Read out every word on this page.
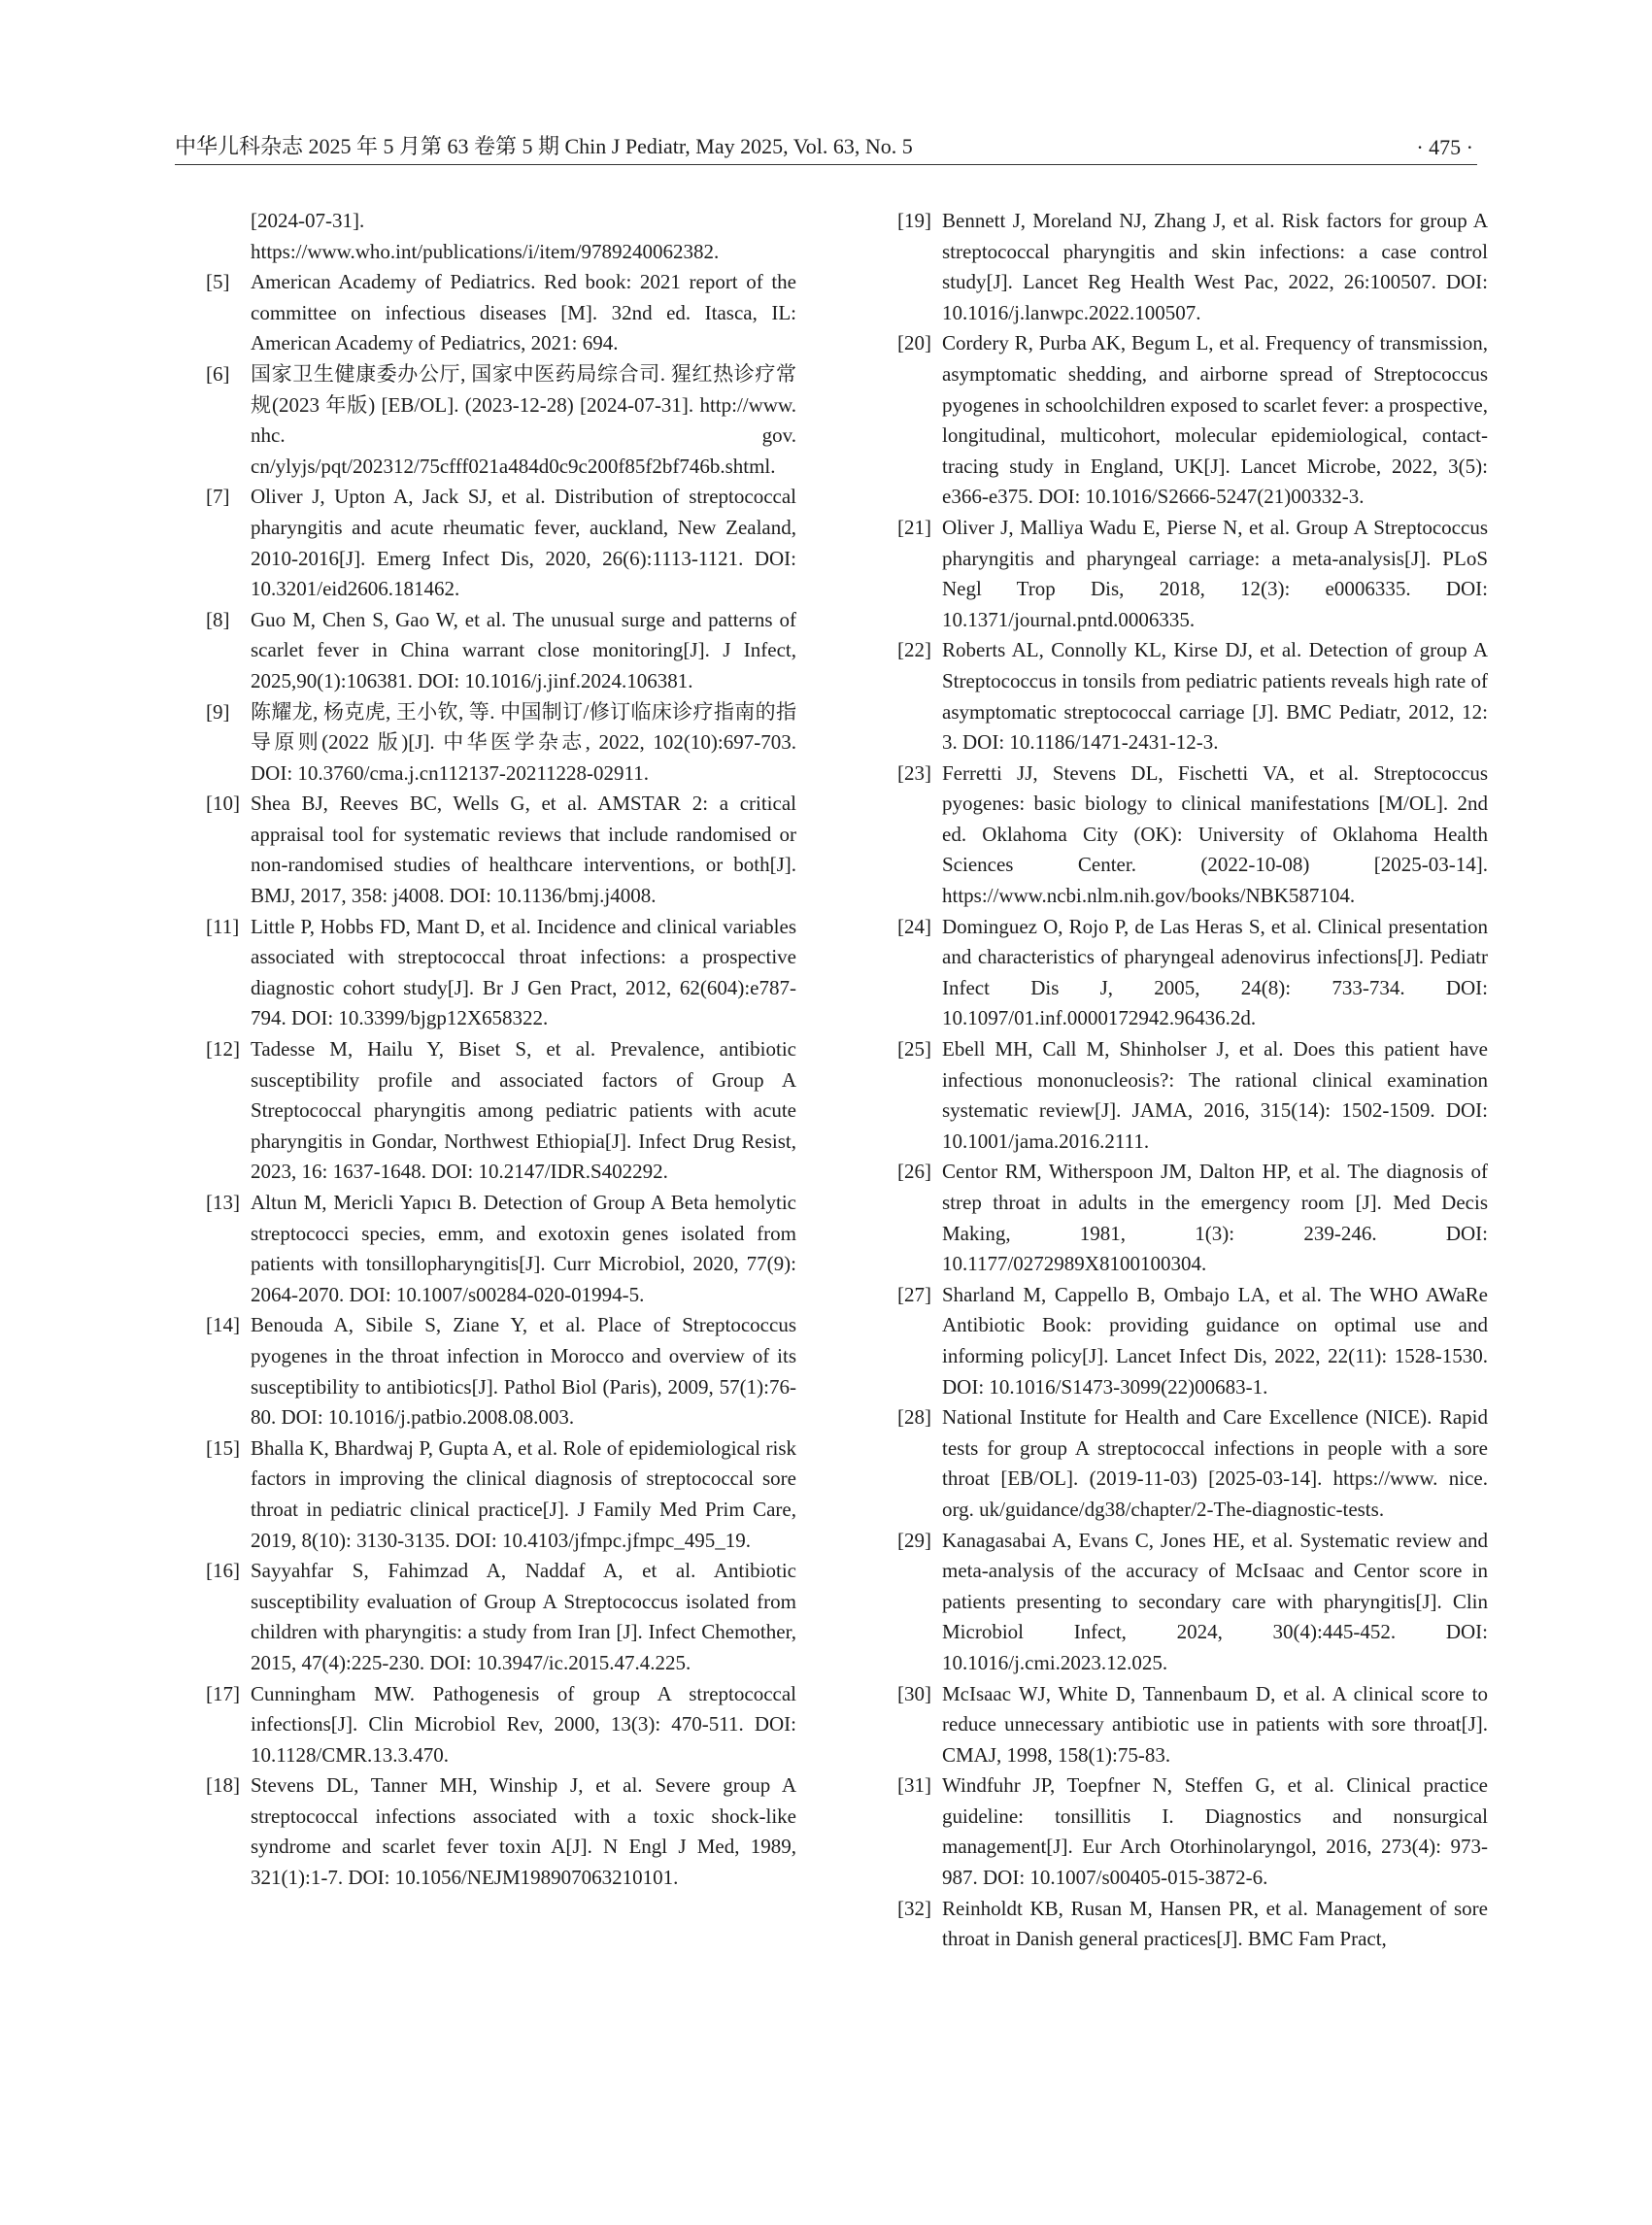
中华儿科杂志 2025 年 5 月第 63 卷第 5 期 Chin J Pediatr, May 2025, Vol. 63, No. 5	· 475 ·
[2024-07-31]. https://www.who.int/publications/i/item/9789240062382.
[5]	American Academy of Pediatrics. Red book: 2021 report of the committee on infectious diseases [M]. 32nd ed. Itasca, IL: American Academy of Pediatrics, 2021: 694.
[6]	国家卫生健康委办公厅, 国家中医药局综合司. 猩红热诊疗常规(2023 年版) [EB/OL]. (2023-12-28) [2024-07-31]. http://www. nhc. gov. cn/ylyjs/pqt/202312/75cfff021a484d0c9c200f85f2bf746b.shtml.
[7]	Oliver J, Upton A, Jack SJ, et al. Distribution of streptococcal pharyngitis and acute rheumatic fever, auckland, New Zealand, 2010-2016[J]. Emerg Infect Dis, 2020, 26(6):1113-1121. DOI: 10.3201/eid2606.181462.
[8]	Guo M, Chen S, Gao W, et al. The unusual surge and patterns of scarlet fever in China warrant close monitoring[J]. J Infect, 2025,90(1):106381. DOI: 10.1016/j.jinf.2024.106381.
[9]	陈耀龙, 杨克虎, 王小钦, 等. 中国制订/修订临床诊疗指南的指导原则(2022 版)[J]. 中华医学杂志, 2022, 102(10):697-703. DOI: 10.3760/cma.j.cn112137-20211228-02911.
[10] Shea BJ, Reeves BC, Wells G, et al. AMSTAR 2: a critical appraisal tool for systematic reviews that include randomised or non-randomised studies of healthcare interventions, or both[J]. BMJ, 2017, 358: j4008. DOI: 10.1136/bmj.j4008.
[11] Little P, Hobbs FD, Mant D, et al. Incidence and clinical variables associated with streptococcal throat infections: a prospective diagnostic cohort study[J]. Br J Gen Pract, 2012, 62(604):e787-794. DOI: 10.3399/bjgp12X658322.
[12] Tadesse M, Hailu Y, Biset S, et al. Prevalence, antibiotic susceptibility profile and associated factors of Group A Streptococcal pharyngitis among pediatric patients with acute pharyngitis in Gondar, Northwest Ethiopia[J]. Infect Drug Resist, 2023, 16: 1637-1648. DOI: 10.2147/IDR.S402292.
[13] Altun M, Mericli Yapıcı B. Detection of Group A Beta hemolytic streptococci species, emm, and exotoxin genes isolated from patients with tonsillopharyngitis[J]. Curr Microbiol, 2020, 77(9): 2064-2070. DOI: 10.1007/s00284-020-01994-5.
[14] Benouda A, Sibile S, Ziane Y, et al. Place of Streptococcus pyogenes in the throat infection in Morocco and overview of its susceptibility to antibiotics[J]. Pathol Biol (Paris), 2009, 57(1):76-80. DOI: 10.1016/j.patbio.2008.08.003.
[15] Bhalla K, Bhardwaj P, Gupta A, et al. Role of epidemiological risk factors in improving the clinical diagnosis of streptococcal sore throat in pediatric clinical practice[J]. J Family Med Prim Care, 2019, 8(10): 3130-3135. DOI: 10.4103/jfmpc.jfmpc_495_19.
[16] Sayyahfar S, Fahimzad A, Naddaf A, et al. Antibiotic susceptibility evaluation of Group A Streptococcus isolated from children with pharyngitis: a study from Iran [J]. Infect Chemother, 2015, 47(4):225-230. DOI: 10.3947/ic.2015.47.4.225.
[17] Cunningham MW. Pathogenesis of group A streptococcal infections[J]. Clin Microbiol Rev, 2000, 13(3): 470-511. DOI: 10.1128/CMR.13.3.470.
[18] Stevens DL, Tanner MH, Winship J, et al. Severe group A streptococcal infections associated with a toxic shock-like syndrome and scarlet fever toxin A[J]. N Engl J Med, 1989, 321(1):1-7. DOI: 10.1056/NEJM198907063210101.
[19] Bennett J, Moreland NJ, Zhang J, et al. Risk factors for group A streptococcal pharyngitis and skin infections: a case control study[J]. Lancet Reg Health West Pac, 2022, 26:100507. DOI: 10.1016/j.lanwpc.2022.100507.
[20] Cordery R, Purba AK, Begum L, et al. Frequency of transmission, asymptomatic shedding, and airborne spread of Streptococcus pyogenes in schoolchildren exposed to scarlet fever: a prospective, longitudinal, multicohort, molecular epidemiological, contact-tracing study in England, UK[J]. Lancet Microbe, 2022, 3(5): e366-e375. DOI: 10.1016/S2666-5247(21)00332-3.
[21] Oliver J, Malliya Wadu E, Pierse N, et al. Group A Streptococcus pharyngitis and pharyngeal carriage: a meta-analysis[J]. PLoS Negl Trop Dis, 2018, 12(3): e0006335. DOI: 10.1371/journal.pntd.0006335.
[22] Roberts AL, Connolly KL, Kirse DJ, et al. Detection of group A Streptococcus in tonsils from pediatric patients reveals high rate of asymptomatic streptococcal carriage [J]. BMC Pediatr, 2012, 12: 3. DOI: 10.1186/1471-2431-12-3.
[23] Ferretti JJ, Stevens DL, Fischetti VA, et al. Streptococcus pyogenes: basic biology to clinical manifestations [M/OL]. 2nd ed. Oklahoma City (OK): University of Oklahoma Health Sciences Center. (2022-10-08) [2025-03-14]. https://www.ncbi.nlm.nih.gov/books/NBK587104.
[24] Dominguez O, Rojo P, de Las Heras S, et al. Clinical presentation and characteristics of pharyngeal adenovirus infections[J]. Pediatr Infect Dis J, 2005, 24(8): 733-734. DOI: 10.1097/01.inf.0000172942.96436.2d.
[25] Ebell MH, Call M, Shinholser J, et al. Does this patient have infectious mononucleosis?: The rational clinical examination systematic review[J]. JAMA, 2016, 315(14): 1502-1509. DOI: 10.1001/jama.2016.2111.
[26] Centor RM, Witherspoon JM, Dalton HP, et al. The diagnosis of strep throat in adults in the emergency room [J]. Med Decis Making, 1981, 1(3): 239-246. DOI: 10.1177/0272989X8100100304.
[27] Sharland M, Cappello B, Ombajo LA, et al. The WHO AWaRe Antibiotic Book: providing guidance on optimal use and informing policy[J]. Lancet Infect Dis, 2022, 22(11): 1528-1530. DOI: 10.1016/S1473-3099(22)00683-1.
[28] National Institute for Health and Care Excellence (NICE). Rapid tests for group A streptococcal infections in people with a sore throat [EB/OL]. (2019-11-03) [2025-03-14]. https://www. nice. org. uk/guidance/dg38/chapter/2-The-diagnostic-tests.
[29] Kanagasabai A, Evans C, Jones HE, et al. Systematic review and meta-analysis of the accuracy of McIsaac and Centor score in patients presenting to secondary care with pharyngitis[J]. Clin Microbiol Infect, 2024, 30(4):445-452. DOI: 10.1016/j.cmi.2023.12.025.
[30] McIsaac WJ, White D, Tannenbaum D, et al. A clinical score to reduce unnecessary antibiotic use in patients with sore throat[J]. CMAJ, 1998, 158(1):75-83.
[31] Windfuhr JP, Toepfner N, Steffen G, et al. Clinical practice guideline: tonsillitis I. Diagnostics and nonsurgical management[J]. Eur Arch Otorhinolaryngol, 2016, 273(4): 973-987. DOI: 10.1007/s00405-015-3872-6.
[32] Reinholdt KB, Rusan M, Hansen PR, et al. Management of sore throat in Danish general practices[J]. BMC Fam Pract,
